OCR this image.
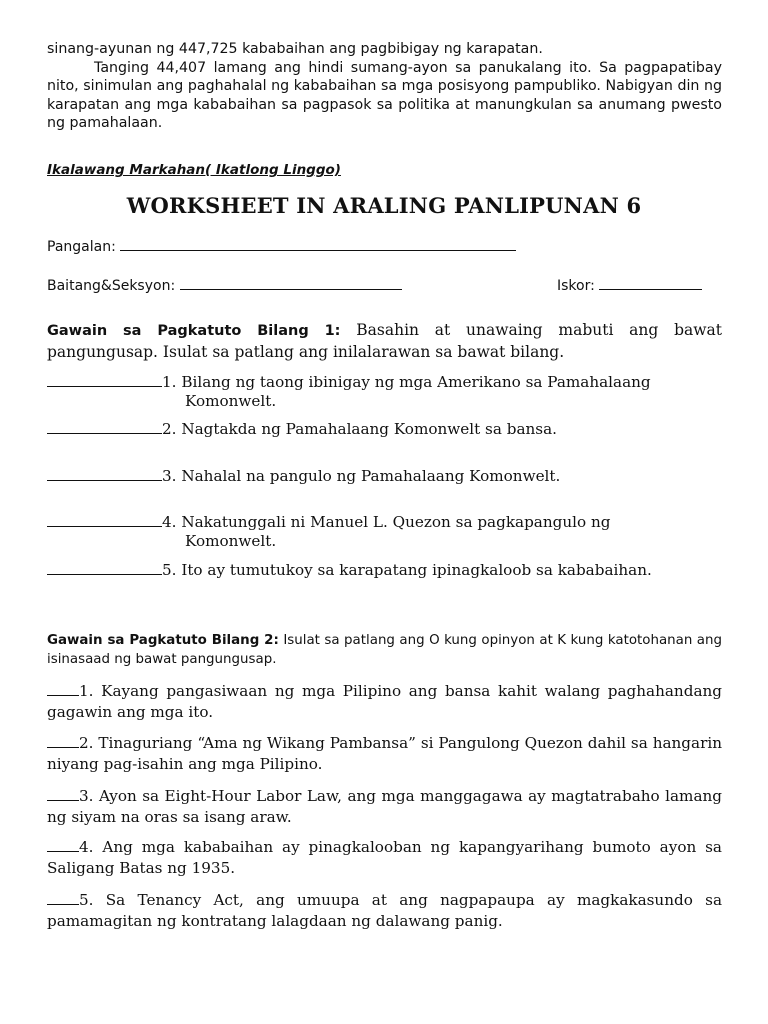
sinang-ayunan ng 447,725 kababaihan ang pagbibigay ng karapatan.

Tanging 44,407 lamang ang hindi sumang-ayon sa panukalang ito. Sa pagpapatibay nito, sinimulan ang paghahalal ng kababaihan sa mga posisyong pampubliko. Nabigyan din ng karapatan ang mga kababaihan sa pagpasok sa politika at manungkulan sa anumang pwesto ng pamahalaan.

Ikalawang Markahan( Ikatlong Linggo)
WORKSHEET IN ARALING PANLIPUNAN 6
Pangalan:
Baitang&Seksyon:	Iskor:
Gawain sa Pagkatuto Bilang 1: Basahin at unawaing mabuti ang bawat pangungusap. Isulat sa patlang ang inilalarawan sa bawat bilang.
1. Bilang ng taong ibinigay ng mga Amerikano sa Pamahalaang
Komonwelt.
2. Nagtakda ng Pamahalaang Komonwelt sa bansa.
3. Nahalal na pangulo ng Pamahalaang Komonwelt.
4. Nakatunggali ni Manuel L. Quezon sa pagkapangulo ng
Komonwelt.
5. Ito ay tumutukoy sa karapatang ipinagkaloob sa kababaihan.
Gawain sa Pagkatuto Bilang 2: Isulat sa patlang ang O kung opinyon at K kung katotohanan ang isinasaad ng bawat pangungusap.
1. Kayang pangasiwaan ng mga Pilipino ang bansa kahit walang paghahandang gagawin ang mga ito.
2. Tinaguriang “Ama ng Wikang Pambansa” si Pangulong Quezon dahil sa hangarin niyang pag-isahin ang mga Pilipino.
3. Ayon sa Eight-Hour Labor Law, ang mga manggagawa ay magtatrabaho lamang ng siyam na oras sa isang araw.
4. Ang mga kababaihan ay pinagkalooban ng kapangyarihang bumoto ayon sa Saligang Batas ng 1935.
5. Sa Tenancy Act, ang umuupa at ang nagpapaupa ay magkakasundo sa pamamagitan ng kontratang lalagdaan ng dalawang panig.
